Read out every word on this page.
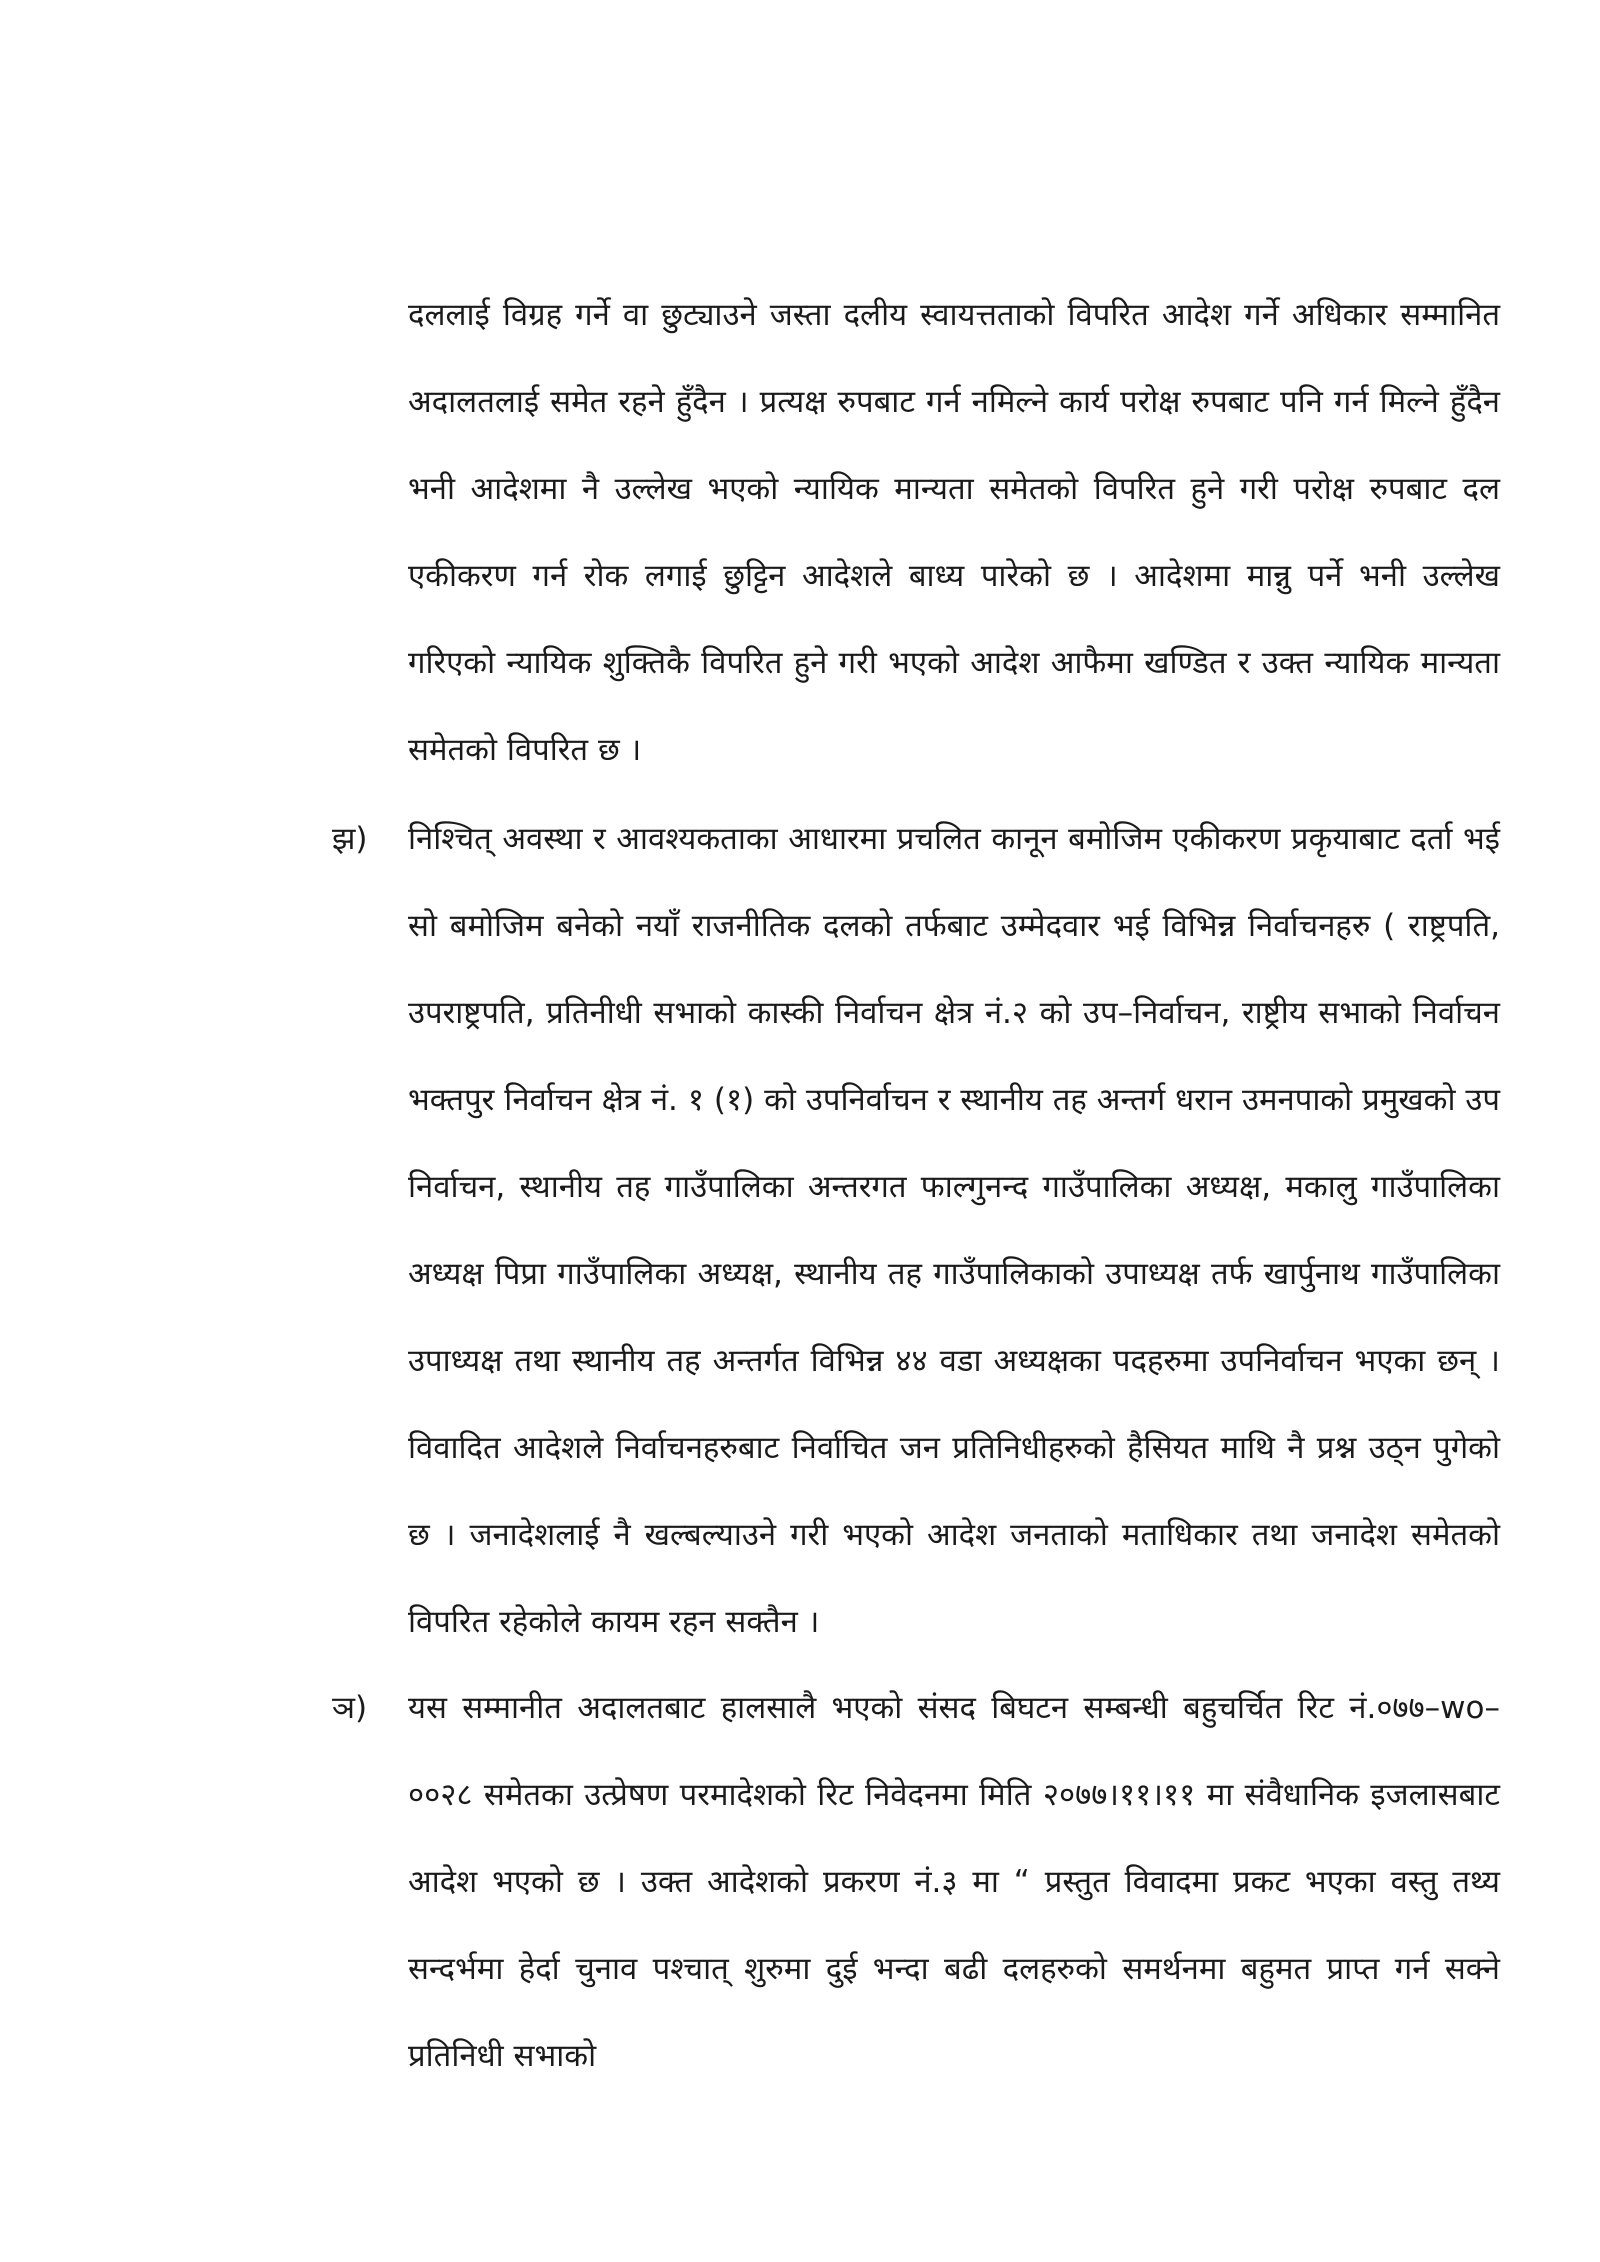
दललाई विग्रह गर्ने वा छुट्याउने जस्ता दलीय स्वायत्तताको विपरित आदेश गर्ने अधिकार सम्मानित अदालतलाई समेत रहने हुँदैन । प्रत्यक्ष रुपबाट गर्न नमिल्ने कार्य परोक्ष रुपबाट पनि गर्न मिल्ने हुँदैन भनी आदेशमा नै उल्लेख भएको न्यायिक मान्यता समेतको विपरित हुने गरी परोक्ष रुपबाट दल एकीकरण गर्न रोक लगाई छुट्टिन आदेशले बाध्य पारेको छ । आदेशमा मान्नु पर्ने भनी उल्लेख गरिएको न्यायिक शुक्तिकै विपरित हुने गरी भएको आदेश आफैमा खण्डित र उक्त न्यायिक मान्यता समेतको विपरित छ ।

झ) निश्चित् अवस्था र आवश्यकताका आधारमा प्रचलित कानून बमोजिम एकीकरण प्रकृयाबाट दर्ता भई सो बमोजिम बनेको नयाँ राजनीतिक दलको तर्फबाट उम्मेदवार भई विभिन्न निर्वाचनहरु ( राष्ट्रपति, उपराष्ट्रपति, प्रतिनीधी सभाको कास्की निर्वाचन क्षेत्र नं.२ को उप–निर्वाचन, राष्ट्रीय सभाको निर्वाचन भक्तपुर निर्वाचन क्षेत्र नं. १ (१) को उपनिर्वाचन र स्थानीय तह अन्तर्ग धरान उमनपाको प्रमुखको उप निर्वाचन, स्थानीय तह गाउँपालिका अन्तरगत फाल्गुनन्द गाउँपालिका अध्यक्ष, मकालु गाउँपालिका अध्यक्ष पिप्रा गाउँपालिका अध्यक्ष, स्थानीय तह गाउँपालिकाको उपाध्यक्ष तर्फ खार्पुनाथ गाउँपालिका उपाध्यक्ष तथा स्थानीय तह अन्तर्गत विभिन्न ४४ वडा अध्यक्षका पदहरुमा उपनिर्वाचन भएका छन् । विवादित आदेशले निर्वाचनहरुबाट निर्वाचित जन प्रतिनिधीहरुको हैसियत माथि नै प्रश्न उठ्न पुगेको छ । जनादेशलाई नै खल्बल्याउने गरी भएको आदेश जनताको मताधिकार तथा जनादेश समेतको विपरित रहेकोले कायम रहन सक्तैन ।

ञ) यस सम्मानीत अदालतबाट हालसालै भएको संसद बिघटन सम्बन्धी बहुचर्चित रिट नं.०७७–wo–००२८ समेतका उत्प्रेषण परमादेशको रिट निवेदनमा मिति २०७७।११।११ मा संवैधानिक इजलासबाट आदेश भएको छ । उक्त आदेशको प्रकरण नं.३ मा “ प्रस्तुत विवादमा प्रकट भएका वस्तु तथ्य सन्दर्भमा हेर्दा चुनाव पश्चात् शुरुमा दुई भन्दा बढी दलहरुको समर्थनमा बहुमत प्राप्त गर्न सक्ने प्रतिनिधी सभाको
